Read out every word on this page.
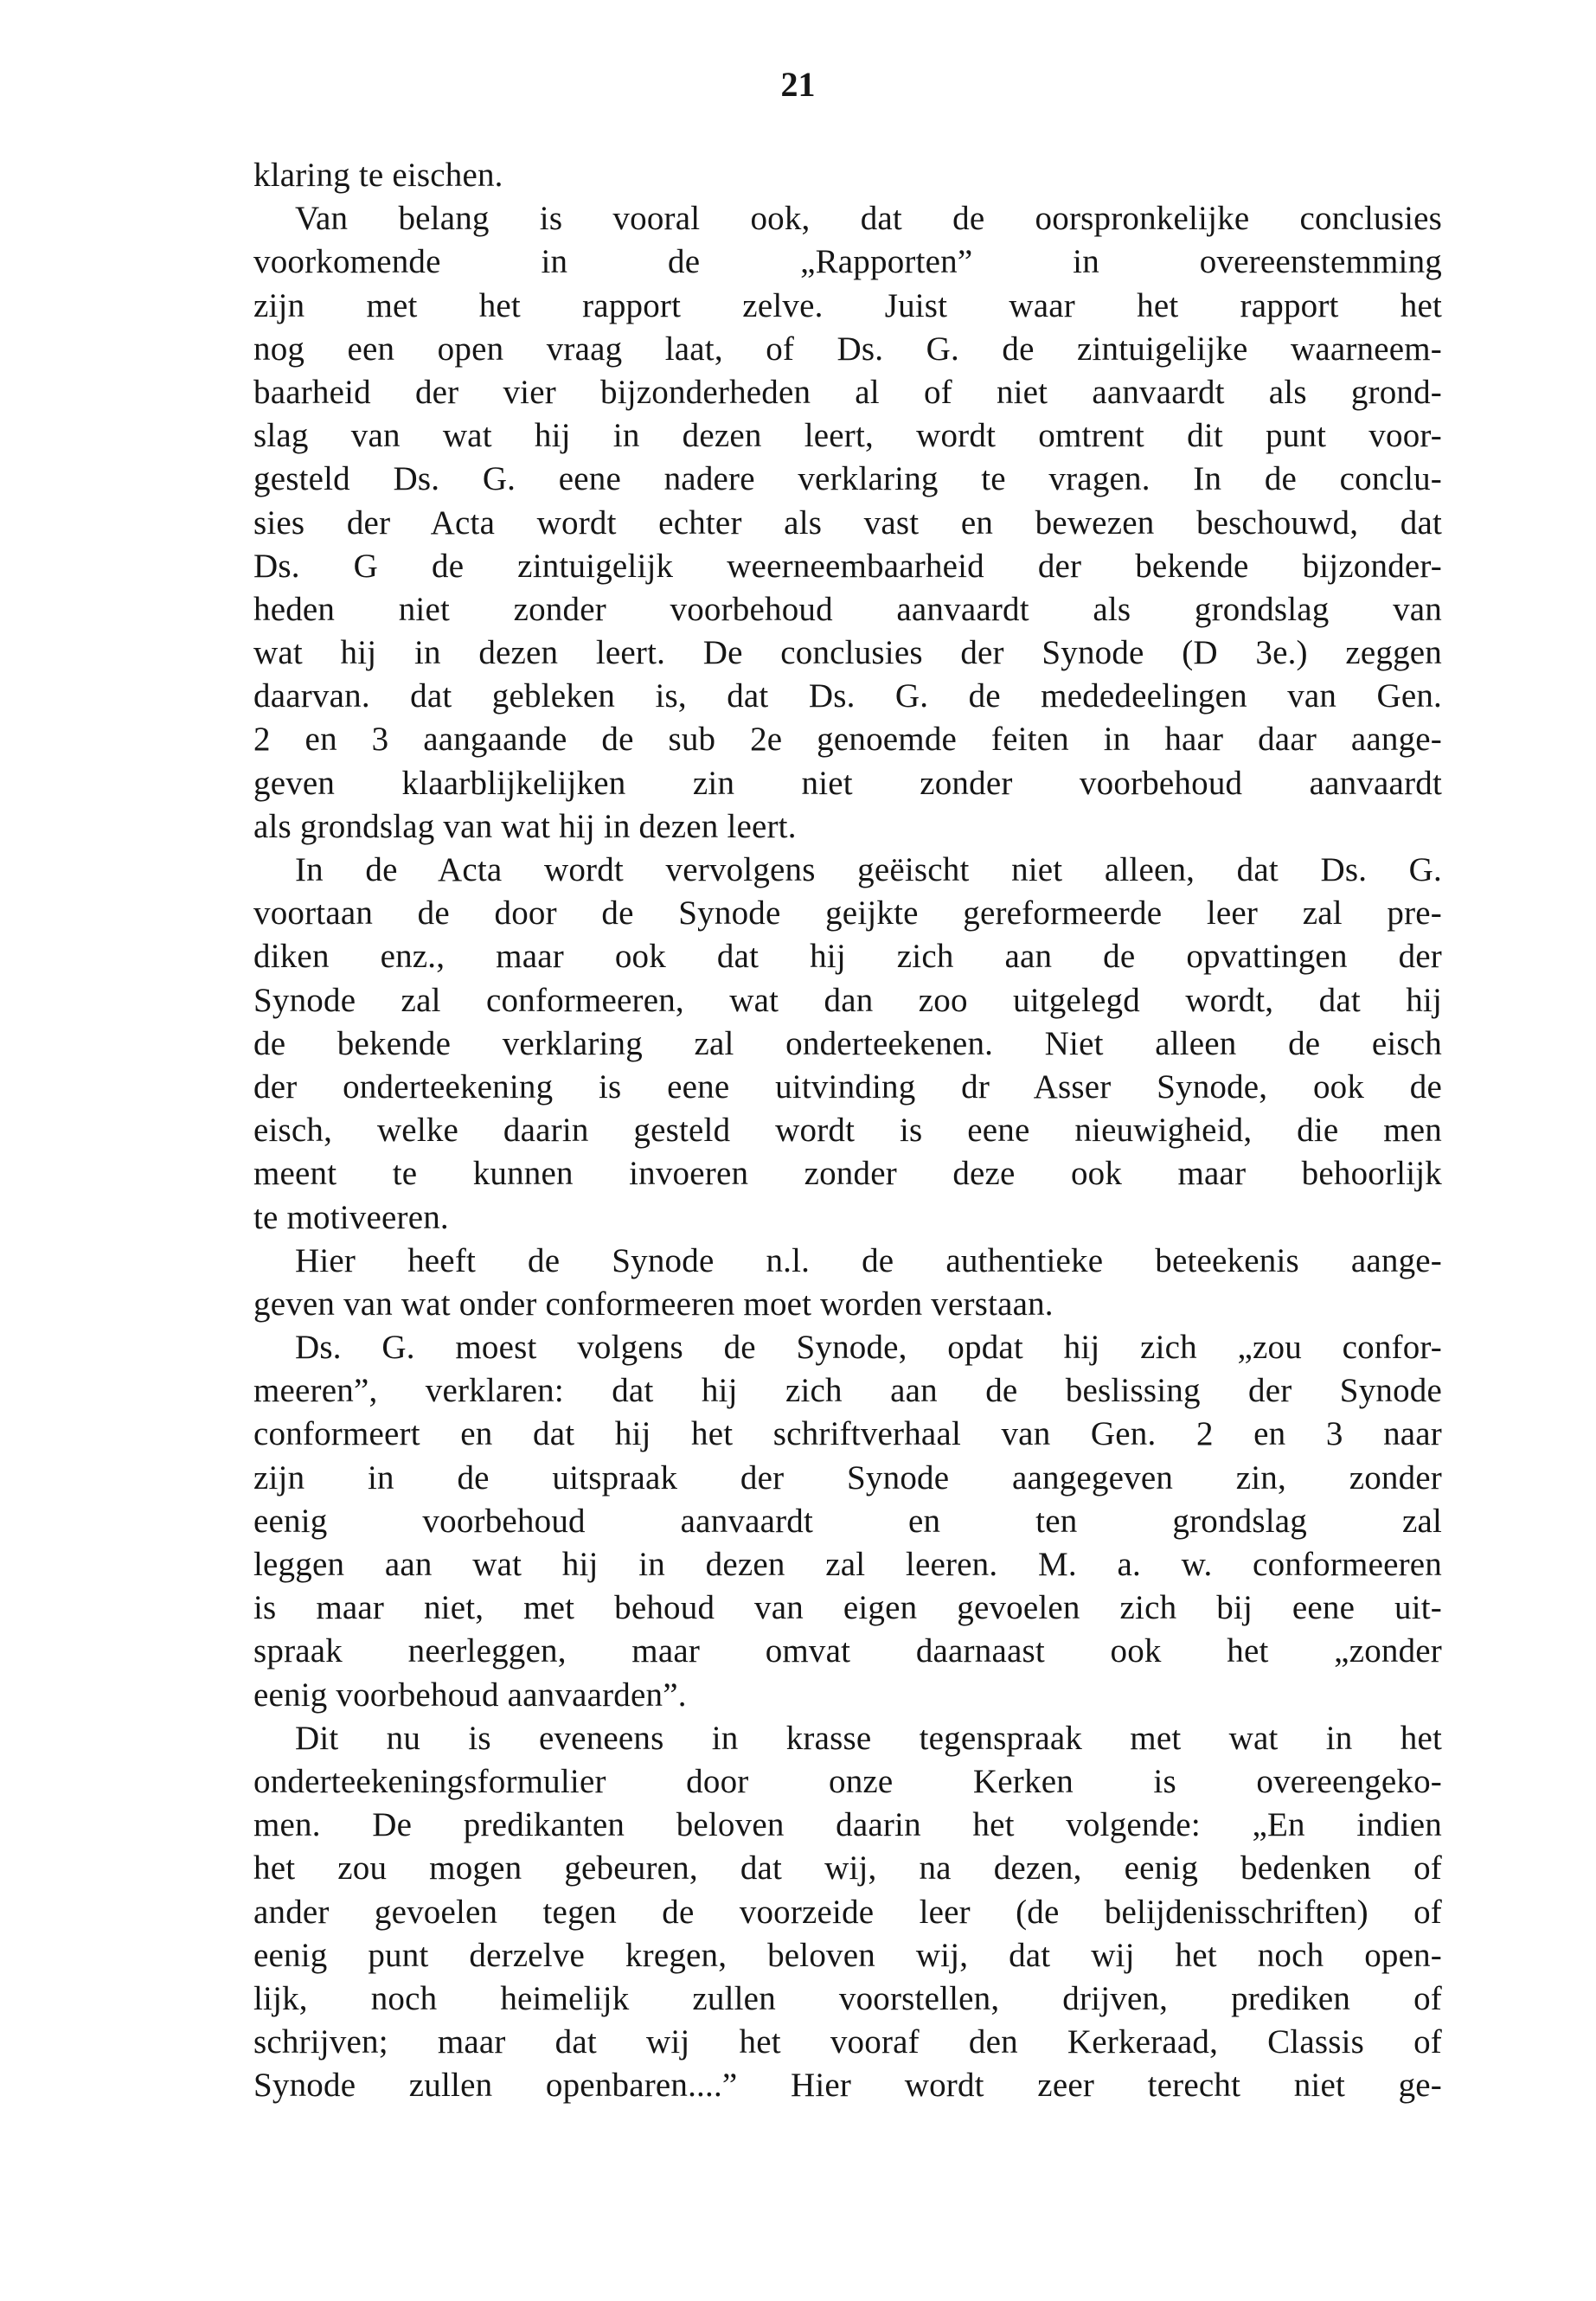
21
klaring te eischen.
Van belang is vooral ook, dat de oorspronkelijke conclusies
voorkomende in de „Rapporten” in overeenstemming
zijn met het rapport zelve. Juist waar het rapport het
nog een open vraag laat, of Ds. G. de zintuigelijke waarneem-
baarheid der vier bijzonderheden al of niet aanvaardt als grond-
slag van wat hij in dezen leert, wordt omtrent dit punt voor-
gesteld Ds. G. eene nadere verklaring te vragen. In de conclu-
sies der Acta wordt echter als vast en bewezen beschouwd, dat
Ds. G de zintuigelijk weerneembaarheid der bekende bijzonder-
heden niet zonder voorbehoud aanvaardt als grondslag van
wat hij in dezen leert. De conclusies der Synode (D 3e.) zeggen
daarvan. dat gebleken is, dat Ds. G. de mededeelingen van Gen.
2 en 3 aangaande de sub 2e genoemde feiten in haar daar aange-
geven klaarblijkelijken zin niet zonder voorbehoud aanvaardt
als grondslag van wat hij in dezen leert.
In de Acta wordt vervolgens geëischt niet alleen, dat Ds. G.
voortaan de door de Synode geijkte gereformeerde leer zal pre-
diken enz., maar ook dat hij zich aan de opvattingen der
Synode zal conformeeren, wat dan zoo uitgelegd wordt, dat hij
de bekende verklaring zal onderteekenen. Niet alleen de eisch
der onderteekening is eene uitvinding dr Asser Synode, ook de
eisch, welke daarin gesteld wordt is eene nieuwigheid, die men
meent te kunnen invoeren zonder deze ook maar behoorlijk
te motiveeren.
Hier heeft de Synode n.l. de authentieke beteekenis aange-
geven van wat onder conformeeren moet worden verstaan.
Ds. G. moest volgens de Synode, opdat hij zich „zou confor-
meeren”, verklaren: dat hij zich aan de beslissing der Synode
conformeert en dat hij het schriftverhaal van Gen. 2 en 3 naar
zijn in de uitspraak der Synode aangegeven zin, zonder
eenig voorbehoud aanvaardt en ten grondslag zal
leggen aan wat hij in dezen zal leeren. M. a. w. conformeeren
is maar niet, met behoud van eigen gevoelen zich bij eene uit-
spraak neerleggen, maar omvat daarnaast ook het „zonder
eenig voorbehoud aanvaarden”.
Dit nu is eveneens in krasse tegenspraak met wat in het
onderteekeningsformulier door onze Kerken is overeengeko-
men. De predikanten beloven daarin het volgende: „En indien
het zou mogen gebeuren, dat wij, na dezen, eenig bedenken of
ander gevoelen tegen de voorzeide leer (de belijdenisschriften) of
eenig punt derzelve kregen, beloven wij, dat wij het noch open-
lijk, noch heimelijk zullen voorstellen, drijven, prediken of
schrijven; maar dat wij het vooraf den Kerkeraad, Classis of
Synode zullen openbaren....” Hier wordt zeer terecht niet ge-
